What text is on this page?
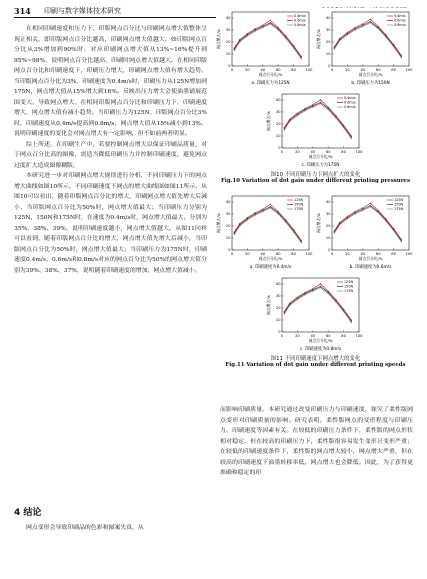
314 印刷与数字媒体技术研究

在相同印刷速度和压力下，印版网点百分比与印刷网点增大值整体呈现正相关，即印版网点百分比越高，印刷网点增大值越大。如印版网点百分比从3%增加到90%时，对应印刷网点增大值从13%~16%提升到95%~98%，说明网点百分比越高，印刷时网点增大值越大。在相同印版网点百分比和印刷速度下，印刷压力增大，印刷网点增大值有增大趋势。当印版网点百分比为3%，印刷速度为0.4m/s时，印刷压力从125N增加到175N，网点增大值从15%增大到16%。反映出压力增大会使油墨铺展范围变大，导致网点增大。在相同印版网点百分比和印刷压力下，印刷速度增大，网点增大值有减小趋势。当印刷压力为125N，印版网点百分比3%时，印刷速度从0.4m/s提高到0.8m/s，网点增大值从15%减小到13%。说明印刷速度的变化会对网点增大有一定影响，但不如前两者明显。

综上所述，在印刷生产中，若要控制网点增大以保证印刷品质量，对于网点百分比高的图像，需适当降低印刷压力并控制印刷速度，避免网点过度扩大造成图像糊版。

本研究进一步对印刷网点增大规律进行分析，不同印刷压力下的网点增大曲线如图10所示，不同印刷速度下网点的增大曲线图如图11所示。从图10可以看出，随着印版网点百分比的增大，印刷网点增大值先增大后减小，当印版网点百分比为50%时，网点增大值最大；当印刷压力分别为125N、150N和175N时，在速度为0.4m/s时，网点增大值最大，分别为35%、38%、39%，说明印刷速度越小，网点增大值越大。从图11同样可以看到，随着印版网点百分比的增大，网点增大值先增大后减小，当印版网点百分比为50%时，网点增大值最大；当印刷压力为175N时，印刷速度0.4m/s、0.6m/s和0.8m/s对应的网点百分比为50%的网点增大值分别为39%、38%、37%，说明随着印刷速度的增加，网点增大值减小。

4 结论

网点变形会导致印刷品的色彩和图案失真，从

0	20	40	60	80	100
0
10
20
30
40
网点百分比/%
网点增大/%
0.4m/s
0.6m/s
0.8m/s
a. 印刷压力为125N
0	20	40	60	80	100
0
10
20
30
40
网点百分比/%
网点增大/%
0.4m/s
0.6m/s
0.8m/s
b. 印刷压力为150N
0	20	40	60	80	100
0
10
20
30
40
网点百分比/%
网点增大/%
0.4m/s
0.6m/s
0.8m/s
c. 印刷压力为175N
图10 不同印刷压力下网点扩大的变化
Fig.10 Variation of dot gain under different printing pressures
0	20	40	60	80	100
0
10
20
30
40
网点百分比/%
网点增大/%
125N
150N
175N
a. 印刷速度为0.4m/s
0	20	40	60	80	100
0
10
20
30
40
网点百分比/%
网点增大/%
125N
150N
175N
b. 印刷速度为0.6m/s
0	20	40	60	80	100
0
10
20
30
40
网点百分比/%
网点增大/%
125N
150N
175N
c. 印刷速度为0.8m/s
图11 不同印刷速度下网点增大的变化
Fig.11 Variation of dot gain under different printing speeds

而影响印刷质量。本研究通过改变印刷压力与印刷速度，探究了柔性版网点变形对印刷质量的影响。研究表明，柔性版网点的变形程度与印刷压力、印刷速度等因素有关。在较低的印刷压力条件下，柔性版的网点形状相对稳定，但在较高的印刷压力下，柔性版很容易发生变形且变形严重；在较低的印刷速度条件下，柔性版的网点增大较小，网点增大严重，但在较高的印刷速度下油墨转移率低，网点增大也会降低。因此，为了获得更准确和稳定的印
